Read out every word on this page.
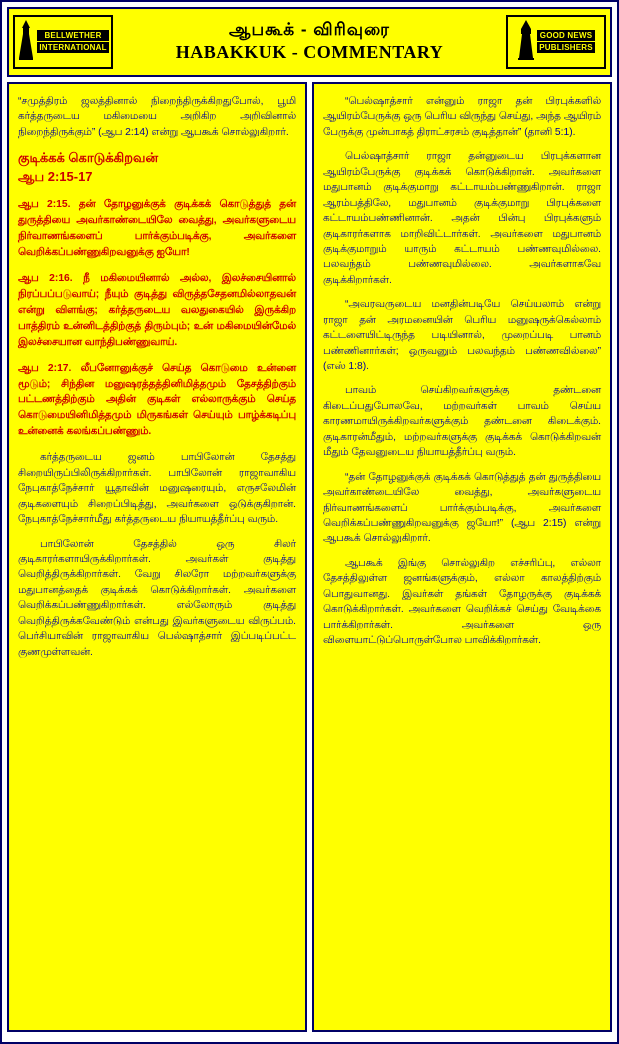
BELLWETHER
INTERNATIONAL
ஆபகூக் - விரிவுரை
HABAKKUK - COMMENTARY
GOOD NEWS
PUBLISHERS

“சமுத்திரம் ஜலத்தினால் நிறைந்திருக்கிறதுபோல், பூமி கர்த்தருடைய மகிமையை அறிகிற அறிவினால் நிறைந்திருக்கும்” (ஆப 2:14) என்று ஆபகூக் சொல்லுகிறார்.

குடிக்கக் கொடுக்கிறவன்
ஆப 2:15-17

ஆப 2:15. தன் தோழனுக்குக் குடிக்கக் கொடுத்துத் தன் துருத்தியை அவர்காண்டையிலே வைத்து, அவர்களுடைய நிர்வாணங்களைப் பார்க்கும்படிக்கு, அவர்களை வெறிக்கப்பண்ணுகிறவனுக்கு ஐயோ!

ஆப 2:16. நீ மகிமையினால் அல்ல, இலச்சையினால் நிரப்பப்படுவாய்; நீயும் குடித்து விருத்தசேதனமில்லாதவன் என்று விளங்கு; கர்த்தருடைய வலதுகையில் இருக்கிற பாத்திரம் உன்னிடத்திற்குத் திரும்பும்; உன் மகிமையின்மேல் இலச்சையான வாந்திபண்ணுவாய்.

ஆப 2:17. லீபனோனுக்குச் செய்த கொடுமை உன்னை மூடும்; சிந்தின மனுஷரத்தத்தினிமித்தமும் தேசத்திற்கும் பட்டணத்திற்கும் அதின் குடிகள் எல்லாருக்கும் செய்த கொடுமையினிமித்தமும் மிருகங்கள் செய்யும் பாழ்க்கடிப்பு உன்னைக் கலங்கப்பண்ணும்.

கர்த்தருடைய ஜனம் பாபிலோன் தேசத்து சிறையிருப்பிலிருக்கிறார்கள். பாபிலோன் ராஜாவாகிய நேபுகாத்நேச்சார் யூதாவின் மனுஷரையும், எருசலேமின் குடிகளையும் சிறைப்பிடித்து, அவர்களை ஒடுக்குகிறான். நேபுகாத்நேச்சார்மீது கர்த்தருடைய நியாயத்தீர்ப்பு வரும்.

பாபிலோன் தேசத்தில் ஒரு சிலர் குடிகாரர்களாயிருக்கிறார்கள். அவர்கள் குடித்து வெறித்திருக்கிறார்கள். வேறு சிலரோ மற்றவர்களுக்கு மதுபானத்தைக் குடிக்கக் கொடுக்கிறார்கள். அவர்களை வெறிக்கப்பண்ணுகிறார்கள். எல்லோரும் குடித்து வெறித்திருக்கவேண்டும் என்பது இவர்களுடைய விருப்பம். பெர்சியாவின் ராஜாவாகிய பெல்ஷாத்சார் இப்படிப்பட்ட குணமுள்ளவன்.

“பெல்ஷாத்சார் என்னும் ராஜா தன் பிரபுக்களில் ஆயிரம்பேருக்கு ஒரு பெரிய விருந்து செய்து, அந்த ஆயிரம் பேருக்கு முன்பாகத் திராட்சரசம் குடித்தான்” (தானி 5:1).

பெல்ஷாத்சார் ராஜா தன்னுடைய பிரபுக்களான ஆயிரம்பேருக்கு குடிக்கக் கொடுக்கிறான். அவர்களை மதுபானம் குடிக்குமாறு கட்டாயம்பண்ணுகிறான். ராஜா ஆரம்பத்திலே, மதுபானம் குடிக்குமாறு பிரபுக்களை கட்டாயம்பண்ணினான். அதன் பின்பு பிரபுக்களும் குடிகாரர்களாக மாறிவிட்டார்கள். அவர்களை மதுபானம் குடிக்குமாறும் யாரும் கட்டாயம் பண்ணவுமில்லை. பலவந்தம் பண்ணவுமில்லை. அவர்களாகவே குடிக்கிறார்கள்.

“அவரவருடைய மனதின்படியே செய்யலாம் என்று ராஜா தன் அரமனையின் பெரிய மனுஷருக்கெல்லாம் கட்டளையிட்டிருந்த படியினால், முறைப்படி பானம் பண்ணினார்கள்; ஒருவனும் பலவந்தம் பண்ணவில்லை” (எஸ் 1:8).

பாவம் செய்கிறவர்களுக்கு தண்டனை கிடைப்பதுபோலவே, மற்றவர்கள் பாவம் செய்ய காரணமாயிருக்கிறவர்களுக்கும் தண்டனை கிடைக்கும். குடிகாரன்மீதும், மற்றவர்களுக்கு குடிக்கக் கொடுக்கிறவன் மீதும் தேவனுடைய நியாயத்தீர்ப்பு வரும்.

“தன் தோழனுக்குக் குடிக்கக் கொடுத்துத் தன் துருத்தியை அவர்காண்டையிலே வைத்து, அவர்களுடைய நிர்வாணங்களைப் பார்க்கும்படிக்கு, அவர்களை வெறிக்கப்பண்ணுகிறவனுக்கு ஜயோ!” (ஆப 2:15) என்று ஆபகூக் சொல்லுகிறார்.

ஆபகூக் இங்கு சொல்லுகிற எச்சரிப்பு, எல்லா தேசத்திலுள்ள ஜனங்களுக்கும், எல்லா காலத்திற்கும் பொதுவானது. இவர்கள் தங்கள் தோழருக்கு குடிக்கக் கொடுக்கிறார்கள். அவர்களை வெறிக்கச் செய்து வேடிக்கை பார்க்கிறார்கள். அவர்களை ஒரு விளையாட்டுப்பொருள்போல பாவிக்கிறார்கள்.
